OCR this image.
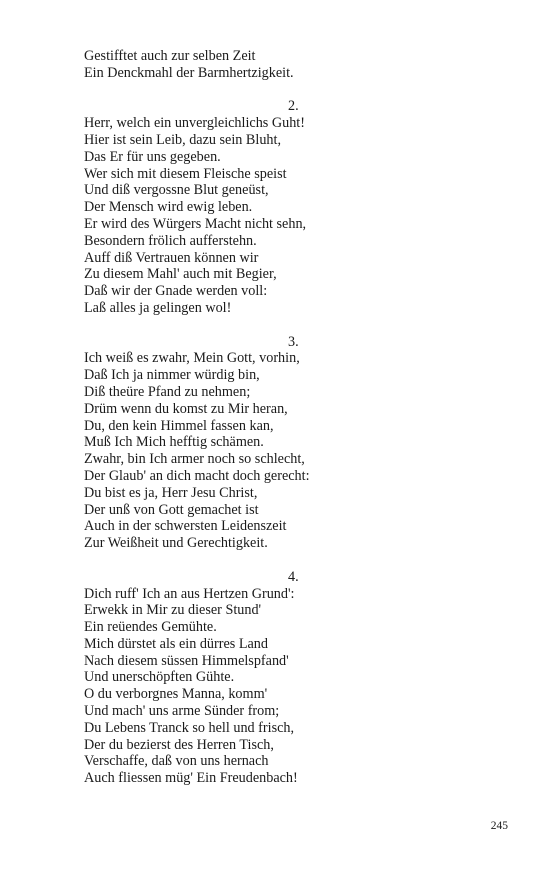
Gestifftet auch zur selben Zeit
Ein Denckmahl der Barmhertzigkeit.
2.
Herr, welch ein unvergleichlichs Guht!
Hier ist sein Leib, dazu sein Bluht,
Das Er für uns gegeben.
Wer sich mit diesem Fleische speist
Und diß vergossne Blut geneüst,
Der Mensch wird ewig leben.
Er wird des Würgers Macht nicht sehn,
Besondern frölich aufferstehn.
Auff diß Vertrauen können wir
Zu diesem Mahl' auch mit Begier,
Daß wir der Gnade werden voll:
Laß alles ja gelingen wol!
3.
Ich weiß es zwahr, Mein Gott, vorhin,
Daß Ich ja nimmer würdig bin,
Diß theüre Pfand zu nehmen;
Drüm wenn du komst zu Mir heran,
Du, den kein Himmel fassen kan,
Muß Ich Mich hefftig schämen.
Zwahr, bin Ich armer noch so schlecht,
Der Glaub' an dich macht doch gerecht:
Du bist es ja, Herr Jesu Christ,
Der unß von Gott gemachet ist
Auch in der schwersten Leidenszeit
Zur Weißheit und Gerechtigkeit.
4.
Dich ruff' Ich an aus Hertzen Grund':
Erwekk in Mir zu dieser Stund'
Ein reüendes Gemühte.
Mich dürstet als ein dürres Land
Nach diesem süssen Himmelspfand'
Und unerschöpften Gühte.
O du verborgnes Manna, komm'
Und mach' uns arme Sünder from;
Du Lebens Tranck so hell und frisch,
Der du bezierst des Herren Tisch,
Verschaffe, daß von uns hernach
Auch fliessen müg' Ein Freudenbach!
245
